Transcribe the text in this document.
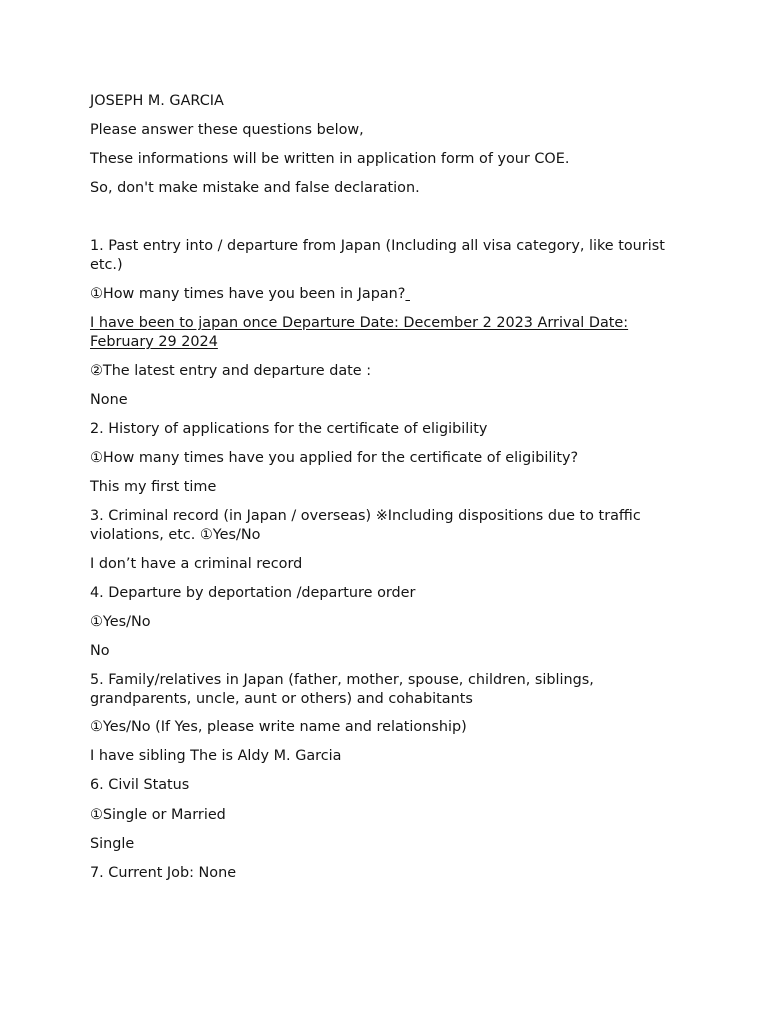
JOSEPH M. GARCIA
Please answer these questions below,
These informations will be written in application form of your COE.
So, don't make mistake and false declaration.
1. Past entry into / departure from Japan (Including all visa category, like tourist etc.)
①How many times have you been in Japan?
I have been to japan once Departure Date: December 2 2023 Arrival Date: February 29 2024
②The latest entry and departure date :
None
2. History of applications for the certificate of eligibility
①How many times have you applied for the certificate of eligibility?
This my first time
3. Criminal record (in Japan / overseas) ※Including dispositions due to traffic violations, etc. ①Yes/No
I don’t have a criminal record
4. Departure by deportation /departure order
①Yes/No
No
5. Family/relatives in Japan (father, mother, spouse, children, siblings, grandparents, uncle, aunt or others) and cohabitants
①Yes/No (If Yes, please write name and relationship)
I have sibling The is Aldy M. Garcia
6. Civil Status
①Single or Married
Single
7. Current Job: None
